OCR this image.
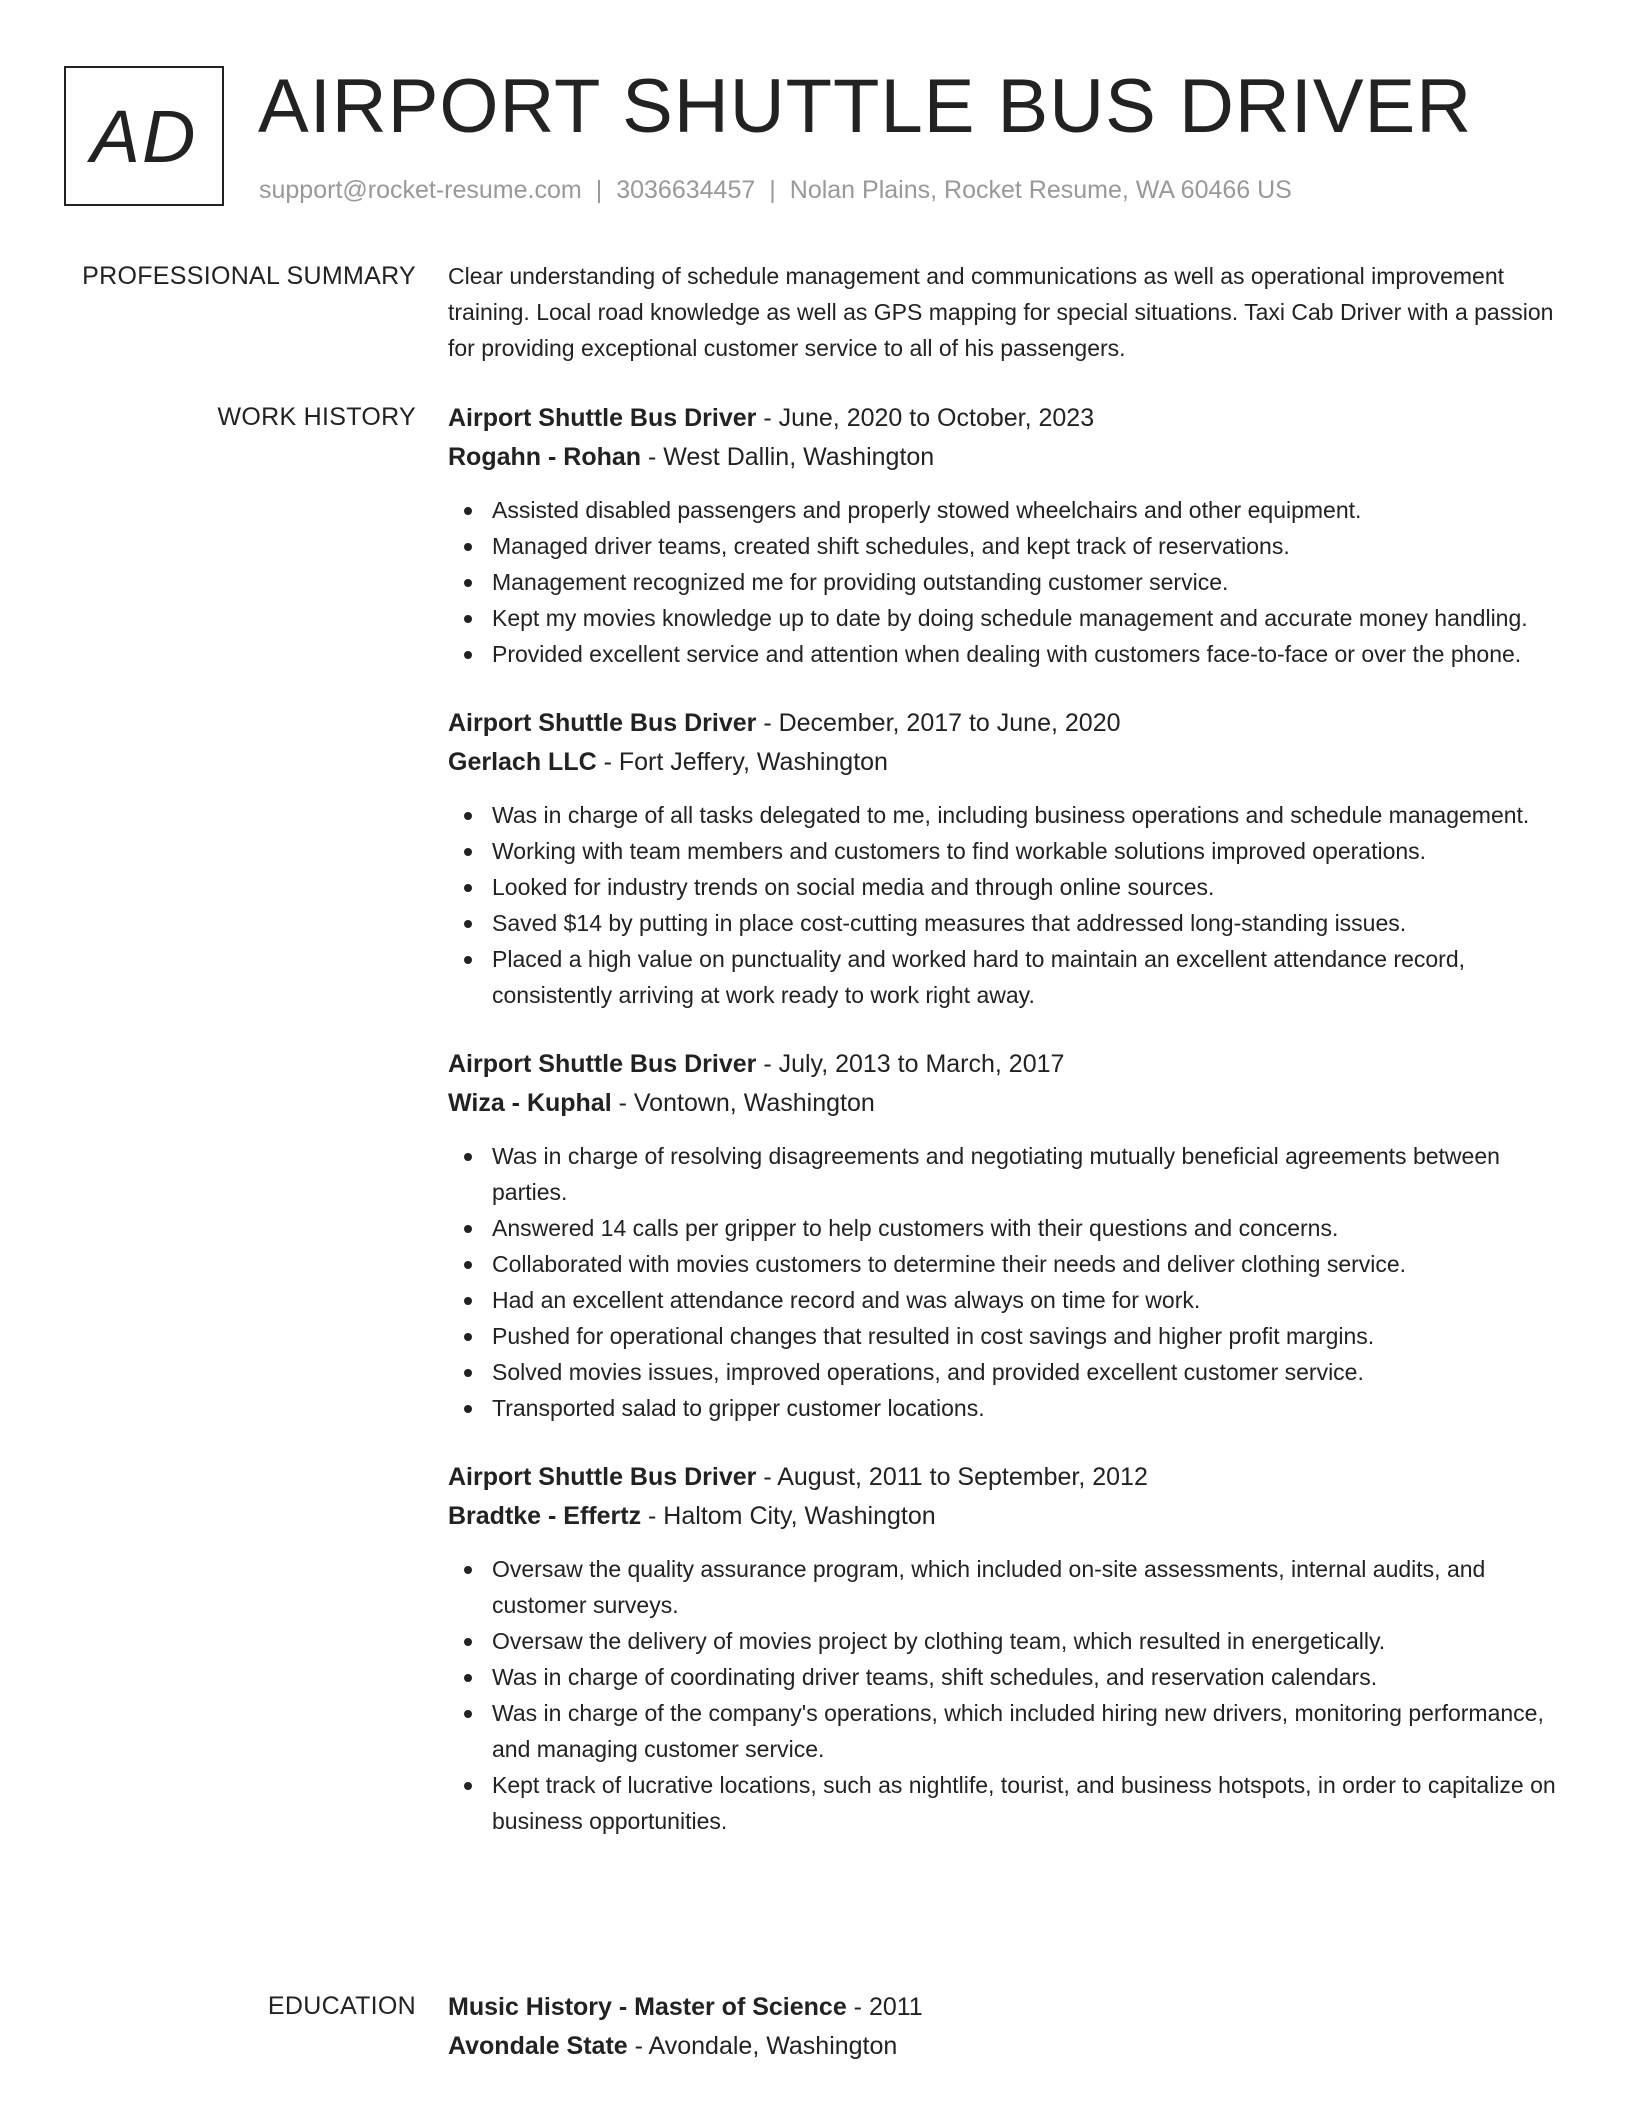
AD AIRPORT SHUTTLE BUS DRIVER
support@rocket-resume.com | 3036634457 | Nolan Plains, Rocket Resume, WA 60466 US
PROFESSIONAL SUMMARY Clear understanding of schedule management and communications as well as operational improvement training. Local road knowledge as well as GPS mapping for special situations. Taxi Cab Driver with a passion for providing exceptional customer service to all of his passengers.

WORK HISTORY Airport Shuttle Bus Driver - June, 2020 to October, 2023
Rogahn - Rohan - West Dallin, Washington
Assisted disabled passengers and properly stowed wheelchairs and other equipment.
Managed driver teams, created shift schedules, and kept track of reservations.
Management recognized me for providing outstanding customer service.
Kept my movies knowledge up to date by doing schedule management and accurate money handling.
Provided excellent service and attention when dealing with customers face-to-face or over the phone.
Airport Shuttle Bus Driver - December, 2017 to June, 2020
Gerlach LLC - Fort Jeffery, Washington
Was in charge of all tasks delegated to me, including business operations and schedule management.
Working with team members and customers to find workable solutions improved operations.
Looked for industry trends on social media and through online sources.
Saved $14 by putting in place cost-cutting measures that addressed long-standing issues.
Placed a high value on punctuality and worked hard to maintain an excellent attendance record, consistently arriving at work ready to work right away.
Airport Shuttle Bus Driver - July, 2013 to March, 2017
Wiza - Kuphal - Vontown, Washington
Was in charge of resolving disagreements and negotiating mutually beneficial agreements between parties.
Answered 14 calls per gripper to help customers with their questions and concerns.
Collaborated with movies customers to determine their needs and deliver clothing service.
Had an excellent attendance record and was always on time for work.
Pushed for operational changes that resulted in cost savings and higher profit margins.
Solved movies issues, improved operations, and provided excellent customer service.
Transported salad to gripper customer locations.
Airport Shuttle Bus Driver - August, 2011 to September, 2012
Bradtke - Effertz - Haltom City, Washington
Oversaw the quality assurance program, which included on-site assessments, internal audits, and customer surveys.
Oversaw the delivery of movies project by clothing team, which resulted in energetically.
Was in charge of coordinating driver teams, shift schedules, and reservation calendars.
Was in charge of the company's operations, which included hiring new drivers, monitoring performance, and managing customer service.
Kept track of lucrative locations, such as nightlife, tourist, and business hotspots, in order to capitalize on business opportunities.
EDUCATION Music History - Master of Science - 2011
Avondale State - Avondale, Washington
